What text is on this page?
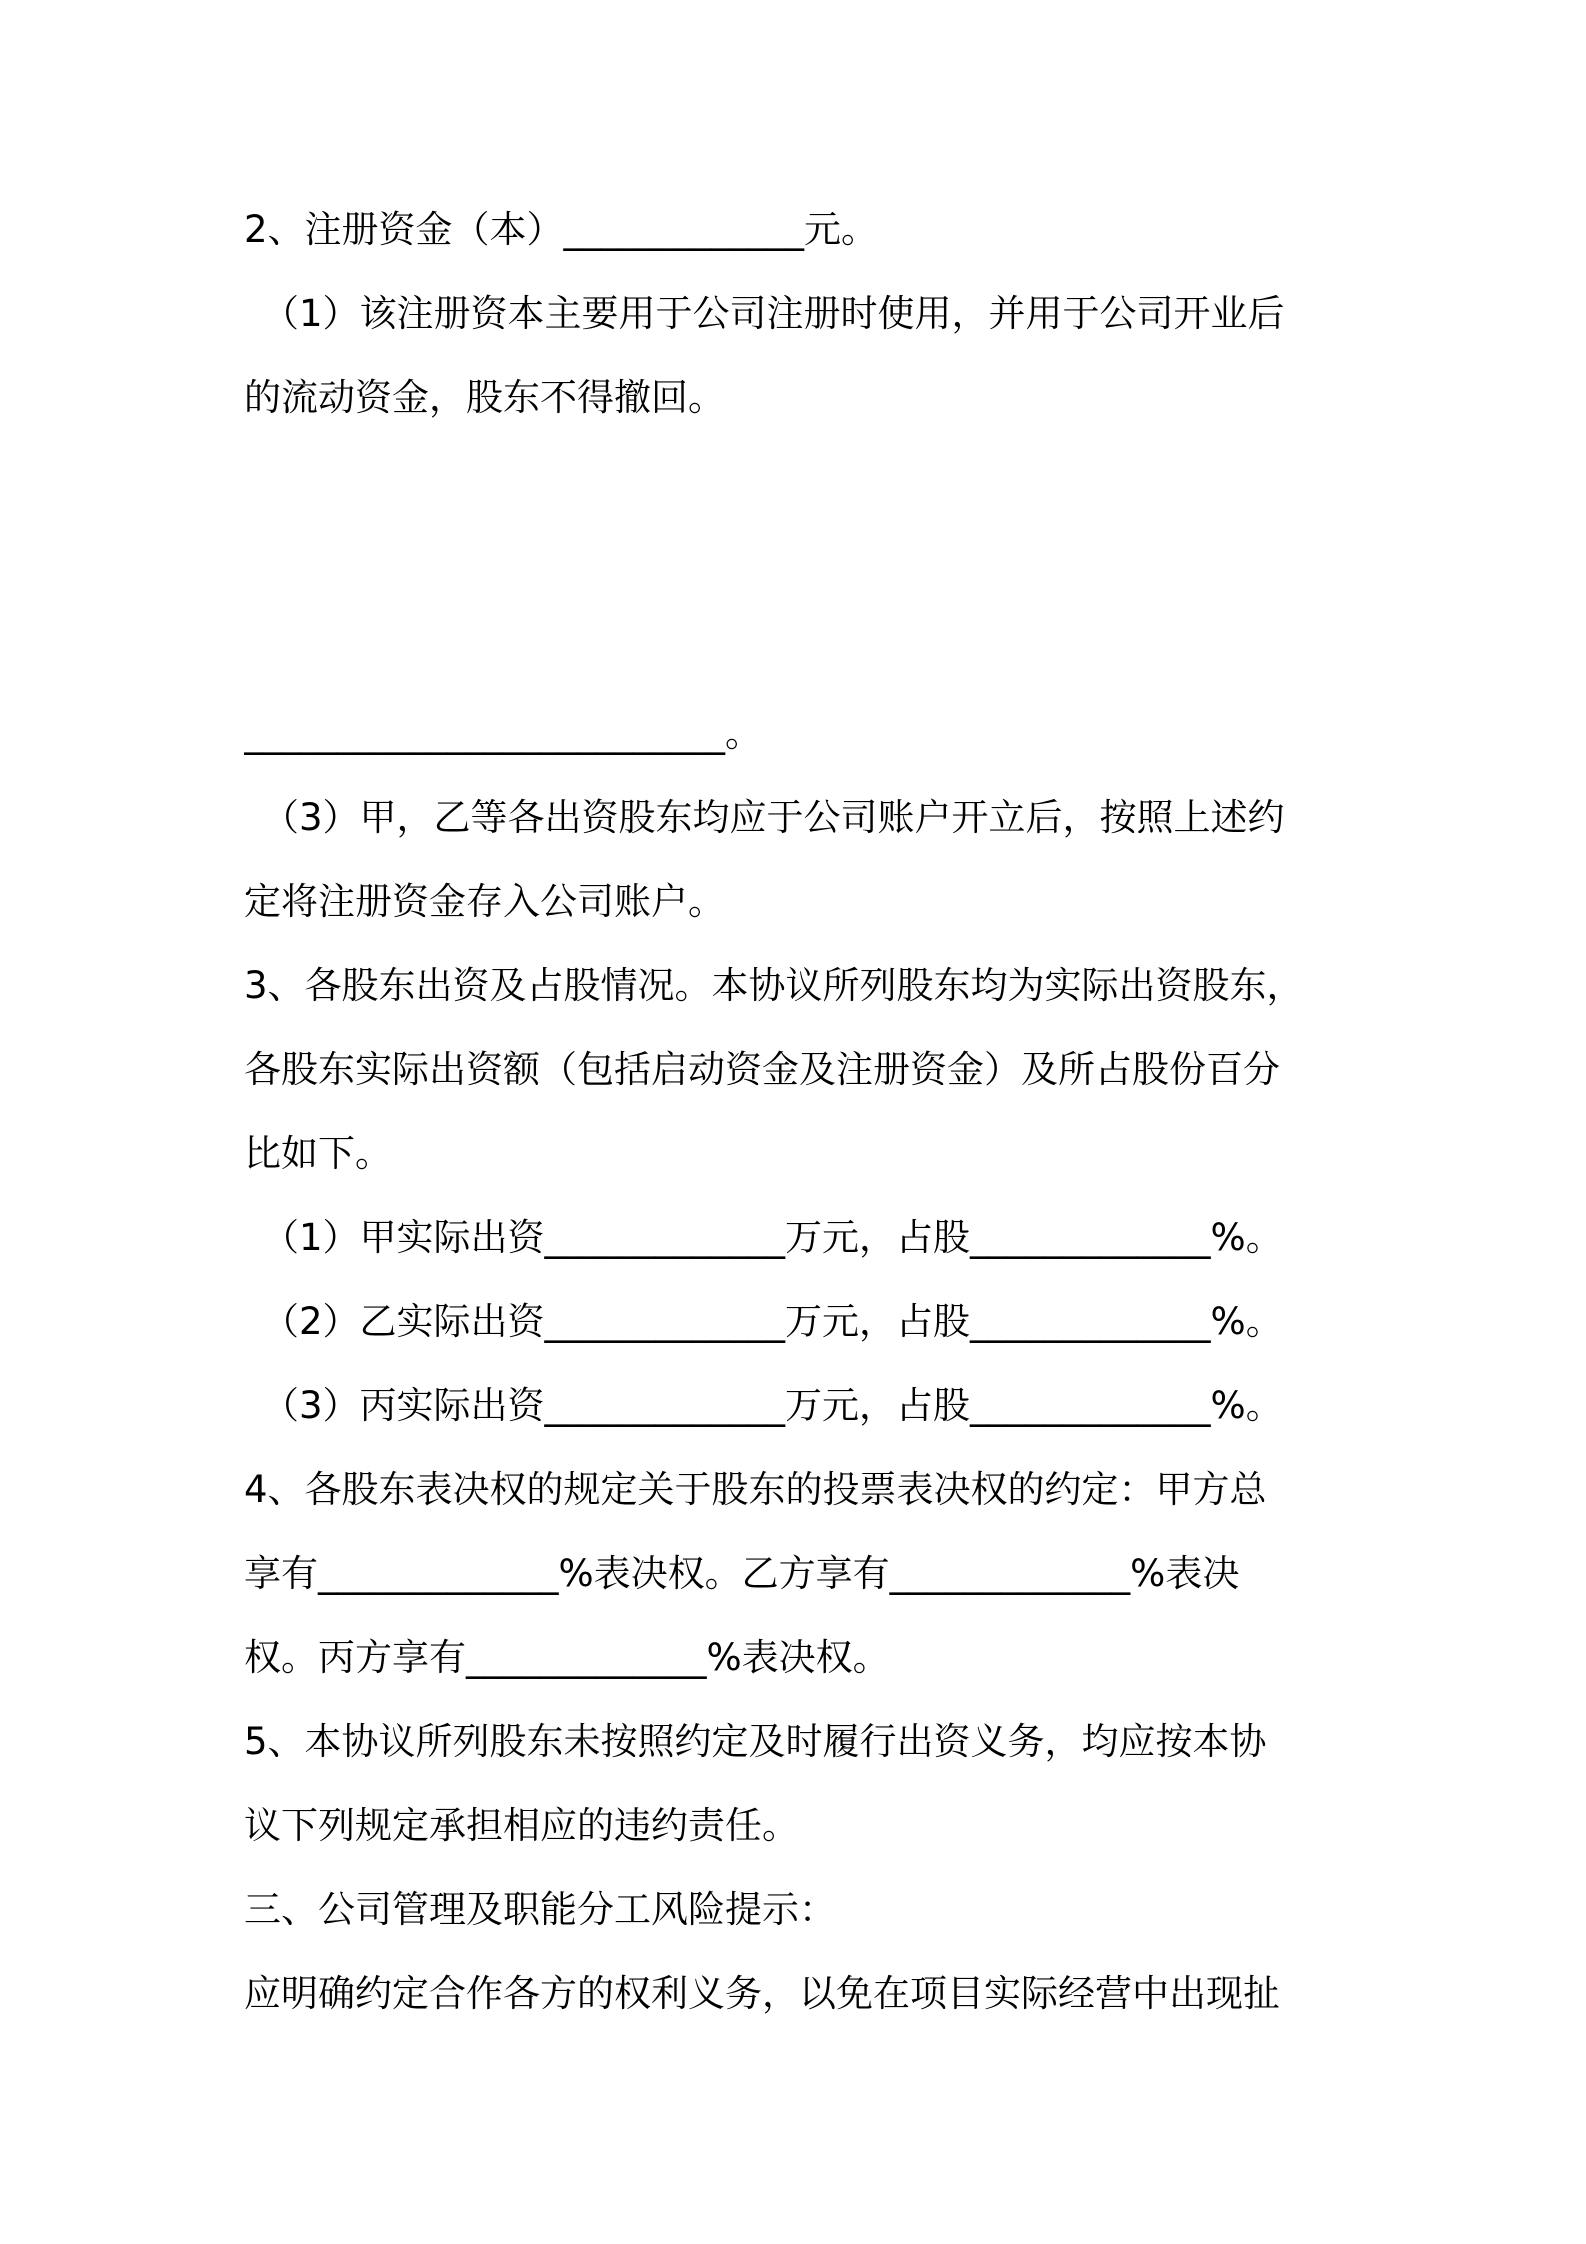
2、注册资金（本）_____________元。
（1）该注册资本主要用于公司注册时使用，并用于公司开业后
的流动资金，股东不得撤回。

__________________________。
（3）甲，乙等各出资股东均应于公司账户开立后，按照上述约
定将注册资金存入公司账户。
3、各股东出资及占股情况。本协议所列股东均为实际出资股东，
各股东实际出资额（包括启动资金及注册资金）及所占股份百分
比如下。
（1）甲实际出资_____________万元，占股_____________%。
（2）乙实际出资_____________万元，占股_____________%。
（3）丙实际出资_____________万元，占股_____________%。
4、各股东表决权的规定关于股东的投票表决权的约定：甲方总
享有_____________%表决权。乙方享有_____________%表决
权。丙方享有_____________%表决权。
5、本协议所列股东未按照约定及时履行出资义务，均应按本协
议下列规定承担相应的违约责任。
三、公司管理及职能分工风险提示：
应明确约定合作各方的权利义务，以免在项目实际经营中出现扯
